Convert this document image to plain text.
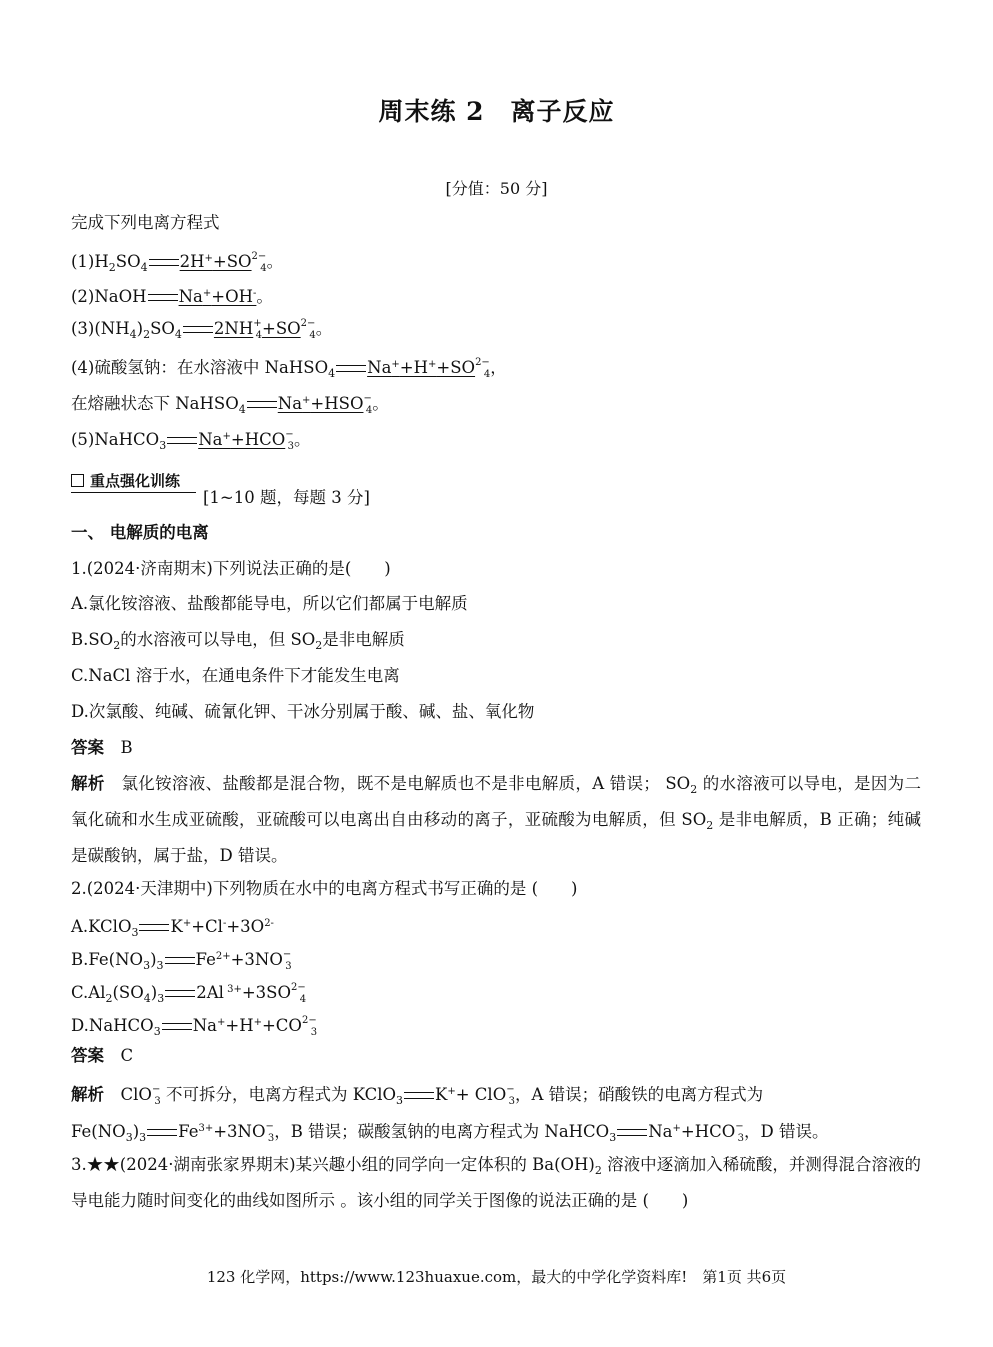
周末练 2　离子反应
[分值：50 分]
完成下列电离方程式
$(1)H_2SO_4$ $2H^++SO^{2-}_4$。
(2)NaOH Na++OH-。
$(3)(NH_4)_2SO_4$ $2NH^+_4+SO^{2-}_4$。
(4)硫酸氢钠：在水溶液中 NaHSO$_4$ $Na^++H^++SO^{2-}_4$，
在熔融状态下 NaHSO$_4$ $Na^++HSO^-_4$。
(5)NaHCO$_3$ $Na^++HCO^-_3$。
重点强化训练
[1~10 题，每题 3 分]
一、 电解质的电离
1.(2024·济南期末)下列说法正确的是(　　)
A.氯化铵溶液、盐酸都能导电，所以它们都属于电解质
$B.SO_2$的水溶液可以导电，但 $SO_2$是非电解质
C.NaCl 溶于水，在通电条件下才能发生电离
D.次氯酸、纯碱、硫氰化钾、干冰分别属于酸、碱、盐、氧化物
答案　 B
解析　氯化铵溶液、盐酸都是混合物，既不是电解质也不是非电解质，A 错误； $SO_2$ 的水溶液可以导电，是因为二氧化硫和水生成亚硫酸，亚硫酸可以电离出自由移动的离子，亚硫酸为电解质，但 $SO_2$ 是非电解质，B 正确；纯碱是碳酸钠，属于盐，D 错误。
2.(2024·天津期中)下列物质在水中的电离方程式书写正确的是 (　　)
A.KClO$_3$ $K^++Cl^-+3O^{2-}$
$B.Fe(NO_3)_3$ $Fe^{2+}+3NO^-_3$
$C.Al_2(SO_4)_3$ 2Al $^{3+}+3SO^{2-}_4$
D.NaHCO$_3$ $Na^++H^++CO^{2-}_3$
答案　 C
解析　ClO−$_3$ 不可拆分，电离方程式为 KClO$_3$ K++ ClO−$_3$，A 错误；硝酸铁的电离方程式为
$Fe(NO_3)_3$ $Fe^{3+}+3NO^-_3$，B 错误；碳酸氢钠的电离方程式为 NaHCO$_3$ $Na^++HCO^-_3$，D 错误。
3.★★(2024·湖南张家界期末)某兴趣小组的同学向一定体积的 $Ba(OH)_2$ 溶液中逐滴加入稀硫酸，并测得混合溶液的导电能力随时间变化的曲线如图所示 。该小组的同学关于图像的说法正确的是 (　　)
123 化学网，https://www.123huaxue.com，最大的中学化学资料库!　第1页 共6页
